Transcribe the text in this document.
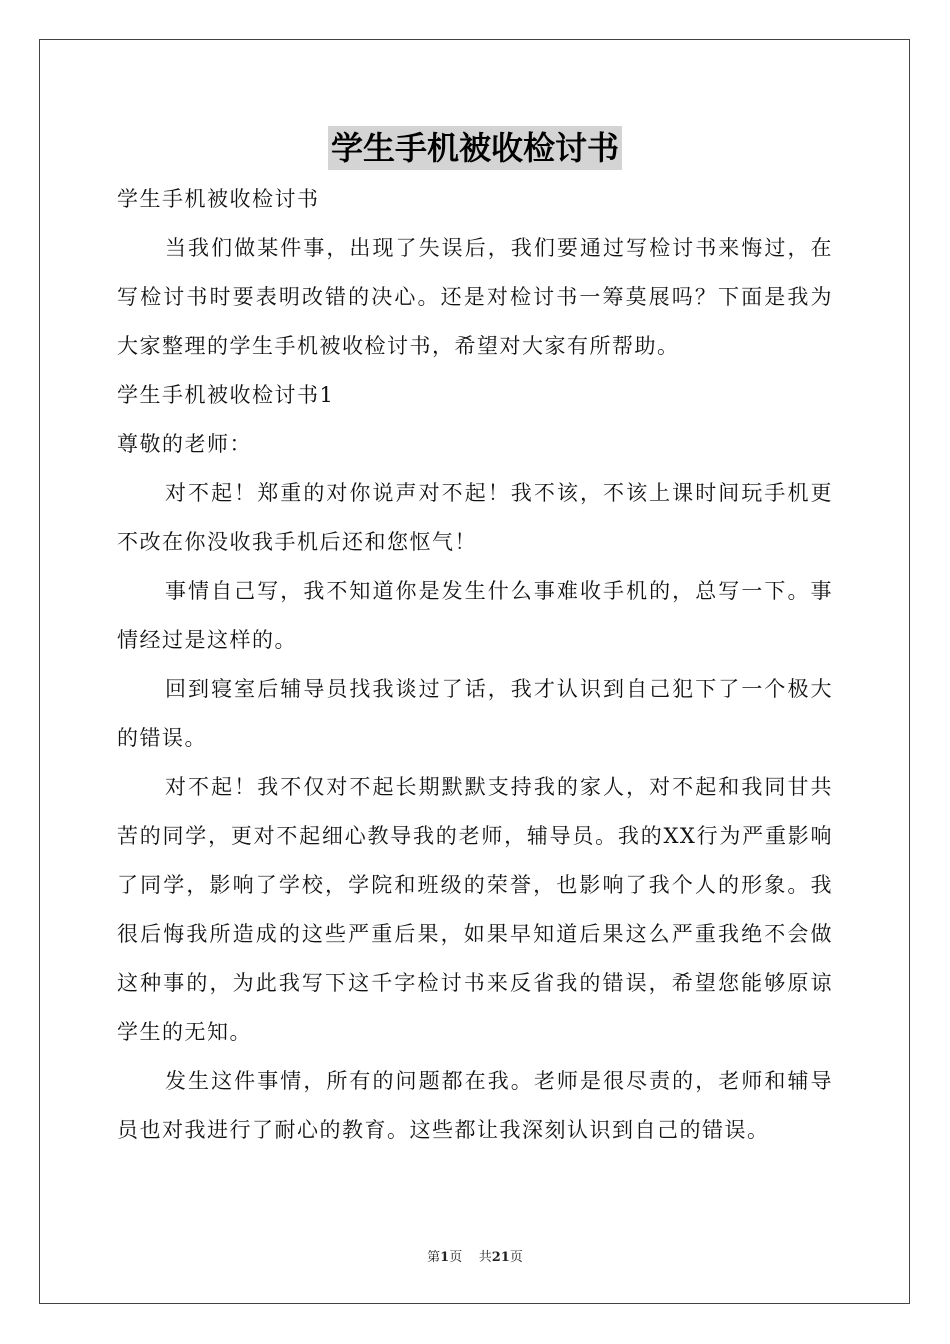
学生手机被收检讨书

学生手机被收检讨书

当我们做某件事，出现了失误后，我们要通过写检讨书来悔过，在写检讨书时要表明改错的决心。还是对检讨书一筹莫展吗？下面是我为大家整理的学生手机被收检讨书，希望对大家有所帮助。

学生手机被收检讨书1

尊敬的老师：

对不起！郑重的对你说声对不起！我不该，不该上课时间玩手机更不改在你没收我手机后还和您怄气！

事情自己写，我不知道你是发生什么事难收手机的，总写一下。事情经过是这样的。

回到寝室后辅导员找我谈过了话，我才认识到自己犯下了一个极大的错误。

对不起！我不仅对不起长期默默支持我的家人，对不起和我同甘共苦的同学，更对不起细心教导我的老师，辅导员。我的XX行为严重影响了同学，影响了学校，学院和班级的荣誉，也影响了我个人的形象。我很后悔我所造成的这些严重后果，如果早知道后果这么严重我绝不会做这种事的，为此我写下这千字检讨书来反省我的错误，希望您能够原谅学生的无知。

发生这件事情，所有的问题都在我。老师是很尽责的，老师和辅导员也对我进行了耐心的教育。这些都让我深刻认识到自己的错误。

第1页 共21页
